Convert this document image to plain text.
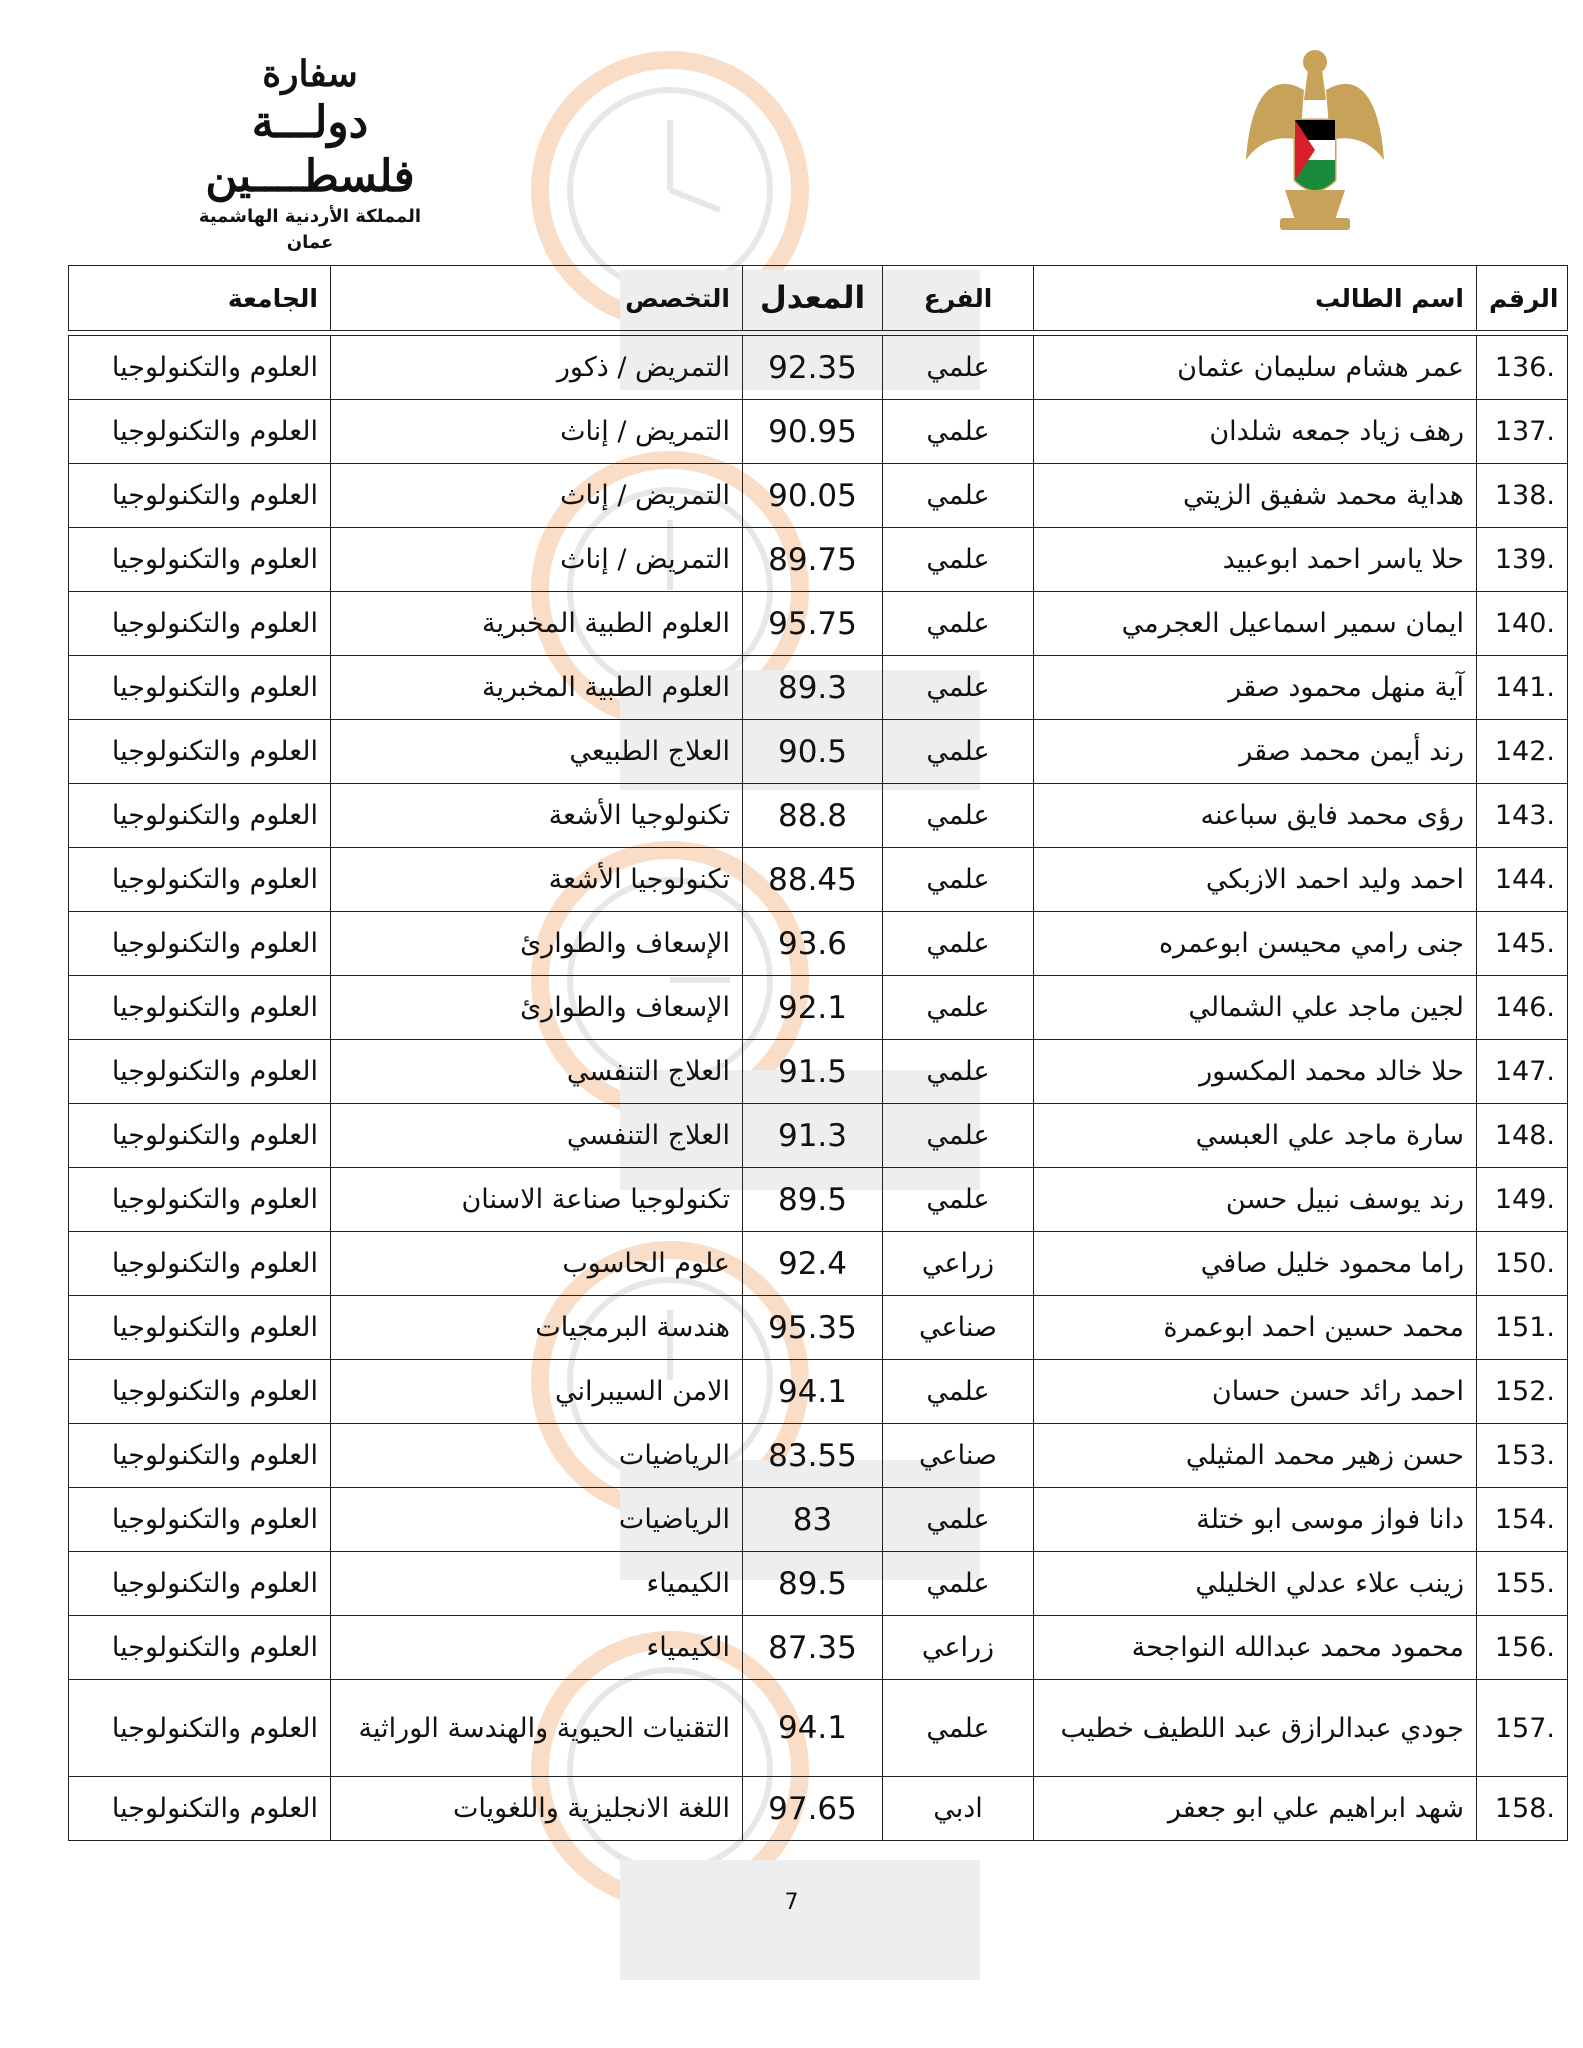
سفارة
دولـــة فلسطــــين
المملكة الأردنية الهاشمية
عمان
الرقم	اسم الطالب	الفرع	المعدل	التخصص	الجامعة

136.	عمر هشام سليمان عثمان	علمي	92.35	التمريض / ذكور	العلوم والتكنولوجيا
137.	رهف زياد جمعه شلدان	علمي	90.95	التمريض / إناث	العلوم والتكنولوجيا
138.	هداية محمد شفيق الزيتي	علمي	90.05	التمريض / إناث	العلوم والتكنولوجيا
139.	حلا ياسر احمد ابوعبيد	علمي	89.75	التمريض / إناث	العلوم والتكنولوجيا
140.	ايمان سمير اسماعيل العجرمي	علمي	95.75	العلوم الطبية المخبرية	العلوم والتكنولوجيا
141.	آية منهل محمود صقر	علمي	89.3	العلوم الطبية المخبرية	العلوم والتكنولوجيا
142.	رند أيمن محمد صقر	علمي	90.5	العلاج الطبيعي	العلوم والتكنولوجيا
143.	رؤى محمد فايق سباعنه	علمي	88.8	تكنولوجيا الأشعة	العلوم والتكنولوجيا
144.	احمد وليد احمد الازبكي	علمي	88.45	تكنولوجيا الأشعة	العلوم والتكنولوجيا
145.	جنى رامي محيسن ابوعمره	علمي	93.6	الإسعاف والطوارئ	العلوم والتكنولوجيا
146.	لجين ماجد علي الشمالي	علمي	92.1	الإسعاف والطوارئ	العلوم والتكنولوجيا
147.	حلا خالد محمد المكسور	علمي	91.5	العلاج التنفسي	العلوم والتكنولوجيا
148.	سارة ماجد علي العبسي	علمي	91.3	العلاج التنفسي	العلوم والتكنولوجيا
149.	رند يوسف نبيل حسن	علمي	89.5	تكنولوجيا صناعة الاسنان	العلوم والتكنولوجيا
150.	راما محمود خليل صافي	زراعي	92.4	علوم الحاسوب	العلوم والتكنولوجيا
151.	محمد حسين احمد ابوعمرة	صناعي	95.35	هندسة البرمجيات	العلوم والتكنولوجيا
152.	احمد رائد حسن حسان	علمي	94.1	الامن السيبراني	العلوم والتكنولوجيا
153.	حسن زهير محمد المثيلي	صناعي	83.55	الرياضيات	العلوم والتكنولوجيا
154.	دانا فواز موسى ابو ختلة	علمي	83	الرياضيات	العلوم والتكنولوجيا
155.	زينب علاء عدلي الخليلي	علمي	89.5	الكيمياء	العلوم والتكنولوجيا
156.	محمود محمد عبدالله النواجحة	زراعي	87.35	الكيمياء	العلوم والتكنولوجيا
157.	جودي عبدالرازق عبد اللطيف خطيب	علمي	94.1	التقنيات الحيوية والهندسة الوراثية	العلوم والتكنولوجيا
158.	شهد ابراهيم علي ابو جعفر	ادبي	97.65	اللغة الانجليزية واللغويات	العلوم والتكنولوجيا
7
